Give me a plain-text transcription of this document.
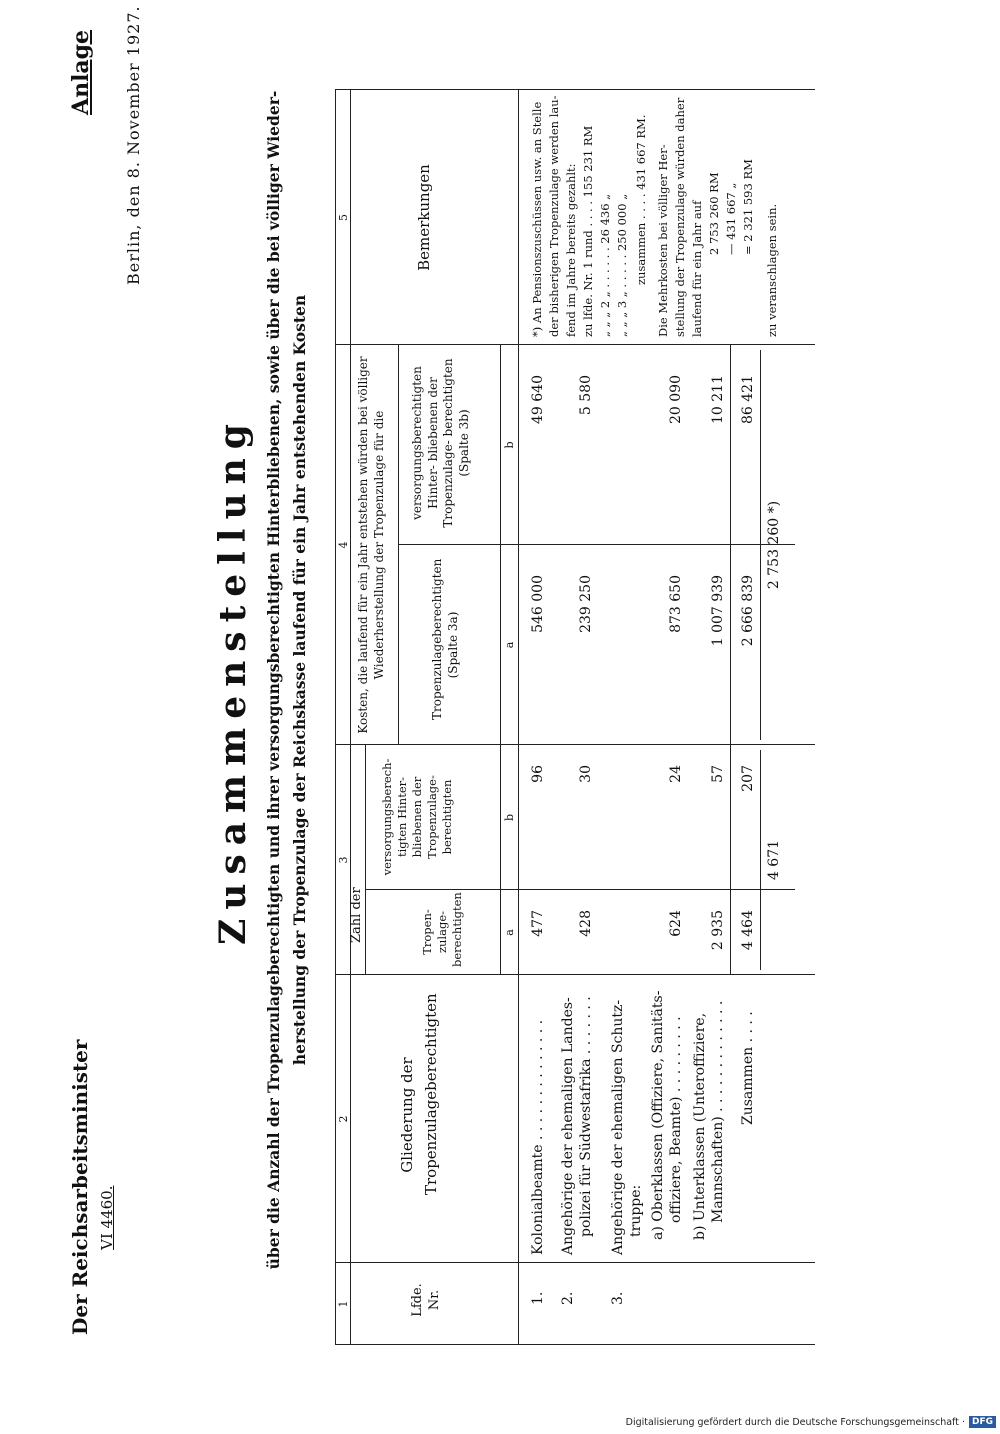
Der Reichsarbeitsminister VI 4460.
Anlage Berlin, den 8. November 1927.
Zusammenstellung über die Anzahl der Tropenzulageberechtigten und ihrer versorgungsberechtigten Hinterbliebenen, sowie über die bei völliger Wieder- herstellung der Tropenzulage der Reichskasse laufend für ein Jahr entstehenden Kosten
1
2
3
4
5
Lfde. Nr.
Gliederung der Tropenzulageberechtigten
Zahl der	Tropen- zulage- berechtigten
versorgungsberech- tigten Hinter- bliebenen der Tropenzulage- berechtigten
Kosten, die laufend für ein Jahr entstehen würden bei völliger Wiederherstellung der Tropenzulage für die	Tropenzulageberechtigten (Spalte 3a)
versorgungsberechtigten Hinter- bliebenen der Tropenzulage- berechtigten (Spalte 3b)
Bemerkungen
a
b
a
b
1.
Kolonialbeamte . . . . . . . . . . . . . .
477
96
546 000
49 640
2.
Angehörige der ehemaligen Landes- polizei für Südwestafrika . . . . . . .
428
30
239 250
5 580
3.
Angehörige der ehemaligen Schutz- truppe: a) Oberklassen (Offiziere, Sanitäts- offiziere, Beamte) . . . . . . . . .
624
24
873 650
20 090
b) Unterklassen (Unteroffiziere, Mannschaften) . . . . . . . . . . . . .
2 935
57
1 007 939
10 211
Zusammen . . . .
4 464
207
2 666 839
86 421
4 671
2 753 260 *)
*) An Pensionszuschüssen usw. an Stelle der bisherigen Tropenzulage werden lau- fend im Jahre bereits gezahlt: zu lfde. Nr. 1 rund . . . . 155 231 RM „ „ „ 2 „ . . . . . . 26 436 „ „ „ „ 3 „ . . . . . 250 000 „ zusammen . . . . 431 667 RM. Die Mehrkosten bei völliger Her- stellung der Tropenzulage würden daher laufend für ein Jahr auf 2 753 260 RM — 431 667 „ = 2 321 593 RM zu veranschlagen sein.
Digitalisierung gefördert durch die Deutsche Forschungsgemeinschaft · DFG
